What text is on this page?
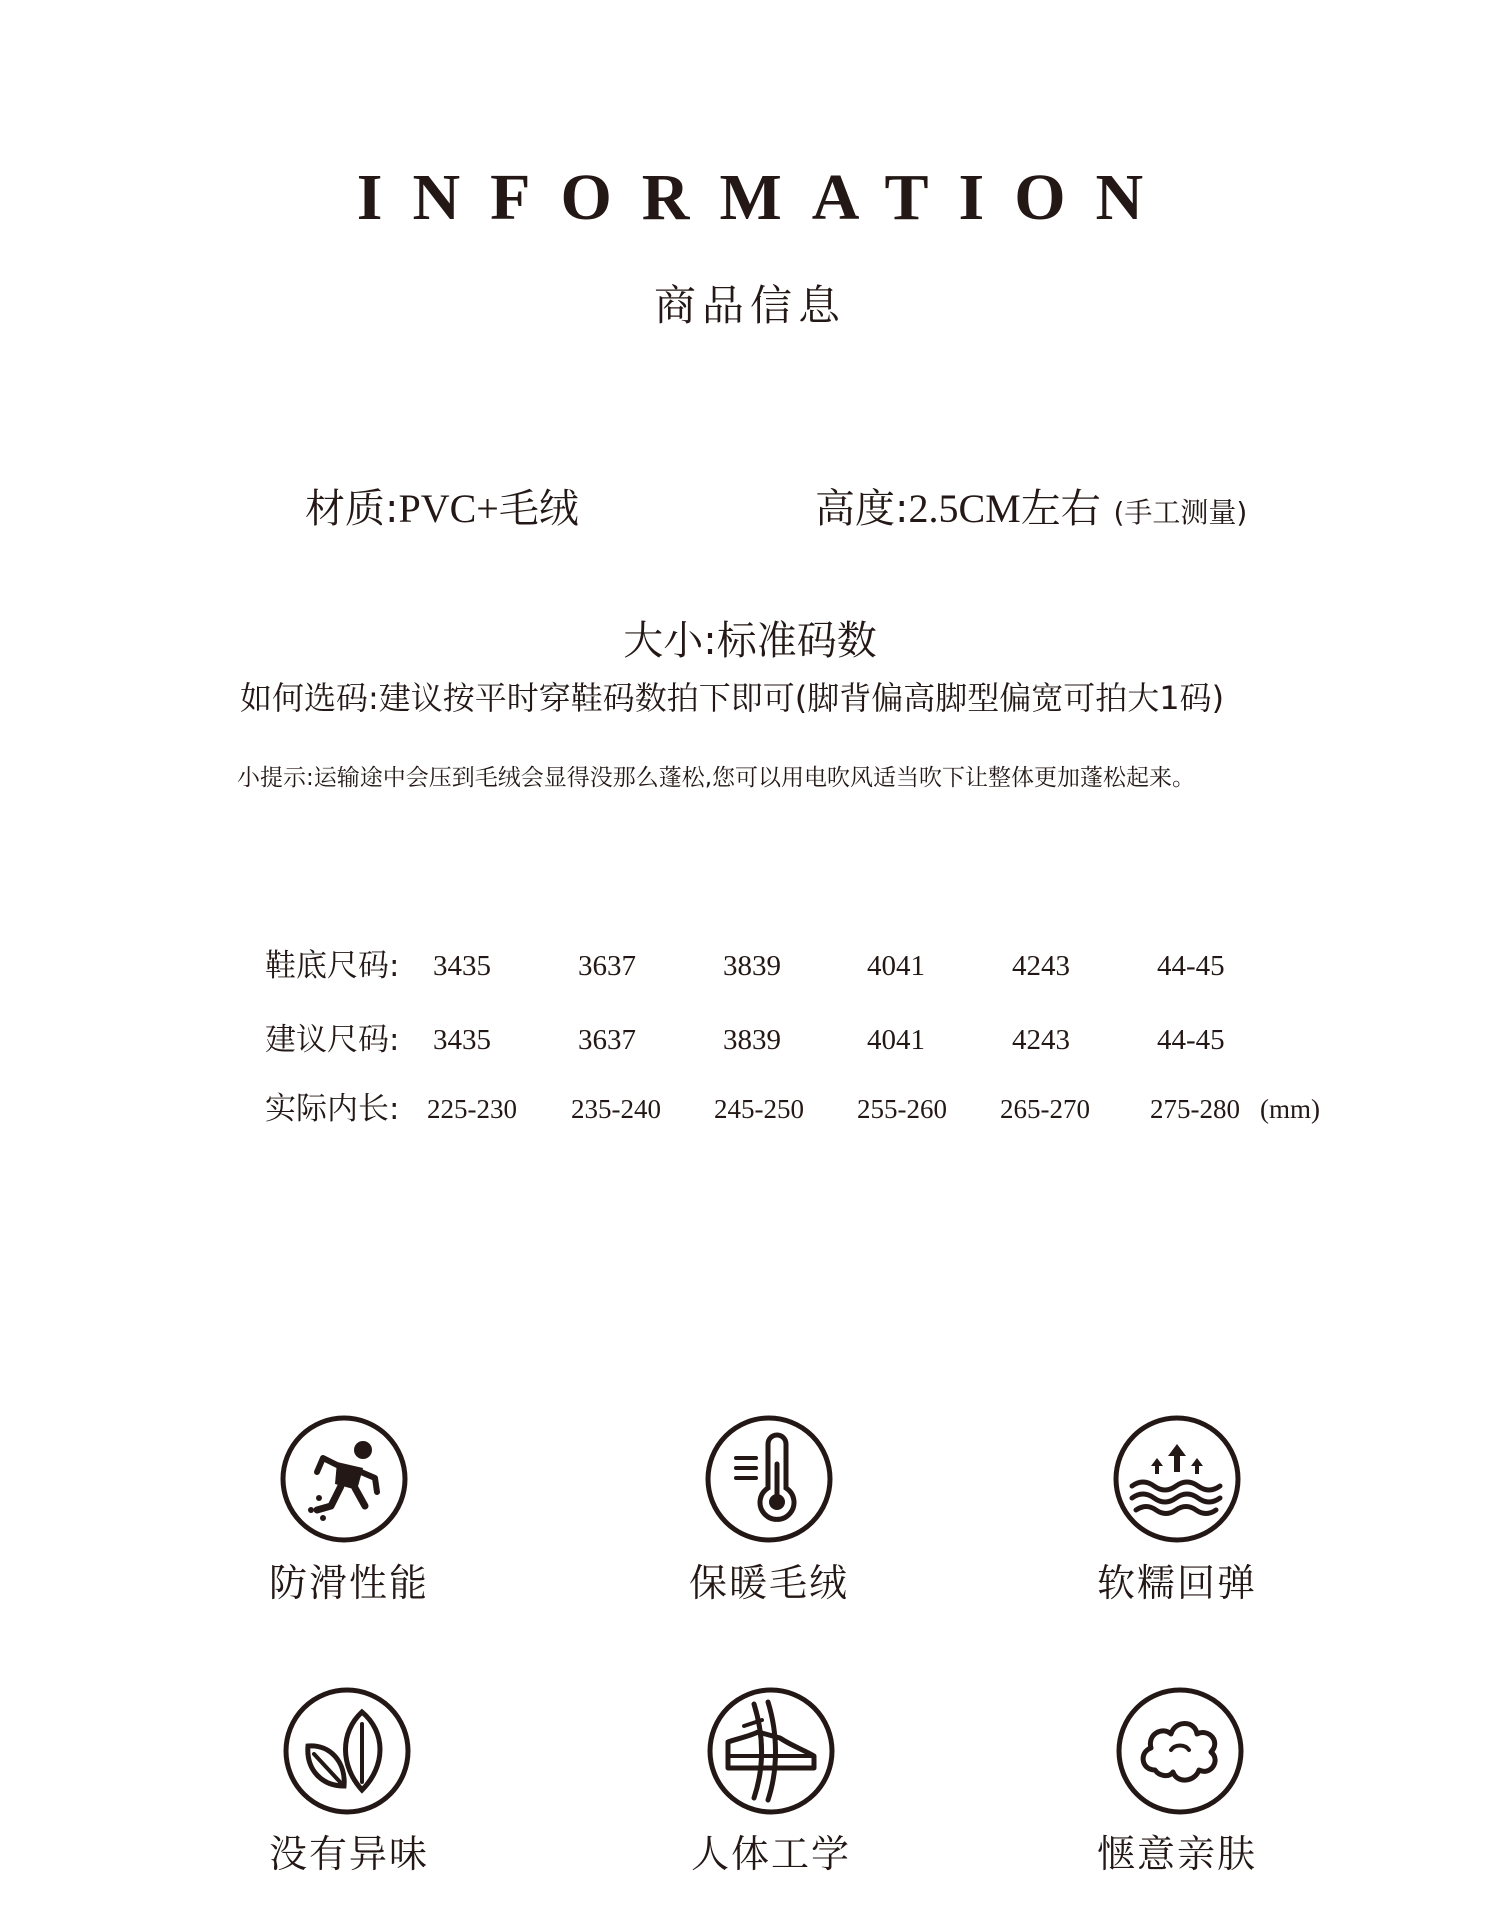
INFORMATION
商品信息
材质:PVC+毛绒	高度:2.5CM左右 (手工测量)
大小:标准码数
如何选码:建议按平时穿鞋码数拍下即可(脚背偏高脚型偏宽可拍大1码)
小提示:运输途中会压到毛绒会显得没那么蓬松,您可以用电吹风适当吹下让整体更加蓬松起来。
鞋底尺码: 3435	3637	3839	4041	4243	44-45
建议尺码: 3435	3637	3839	4041	4243	44-45
实际内长: 225-230 235-240 245-250 255-260 265-270 275-280 (mm)
防滑性能	保暖毛绒	软糯回弹
没有异味	人体工学	惬意亲肤
